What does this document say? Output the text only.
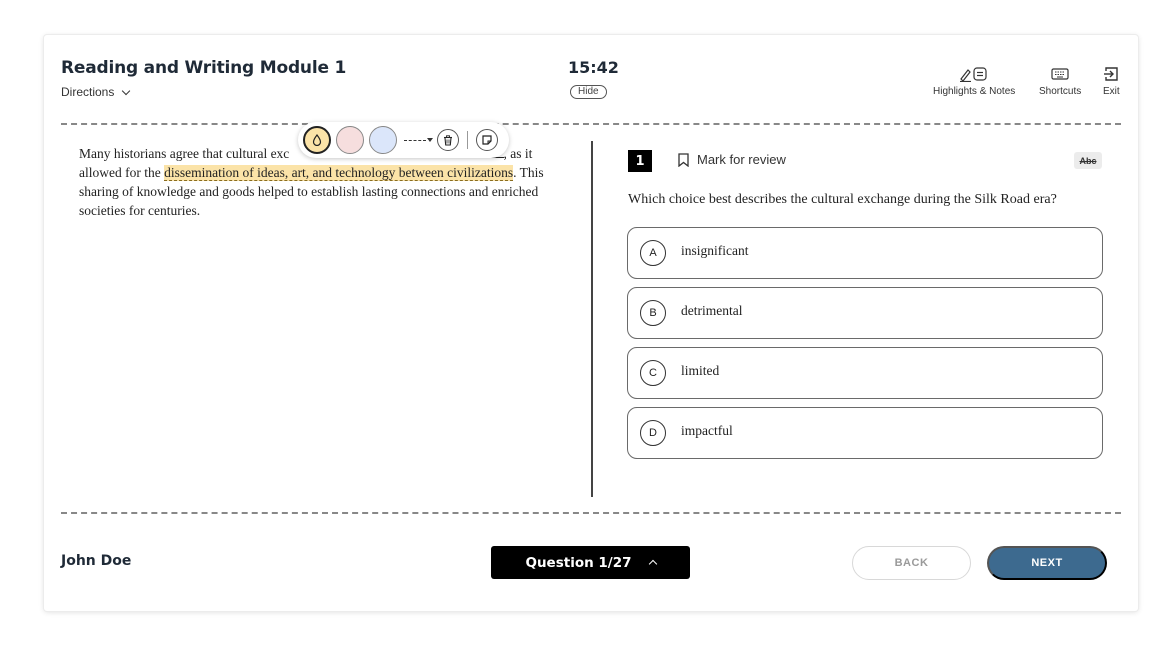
Reading and Writing Module 1
Directions
15:42
Hide	Highlights & Notes Shortcuts Exit
Many historians agree that cultural exc	, as it allowed for the dissemination of ideas, art, and technology between civilizations. This sharing of knowledge and goods helped to establish lasting connections and enriched societies for centuries.
1	Mark for review	Abc
Which choice best describes the cultural exchange during the Silk Road era?
A	insignificant
B	detrimental
C	limited
D	impactful
John Doe	Question 1/27	BACK	NEXT
